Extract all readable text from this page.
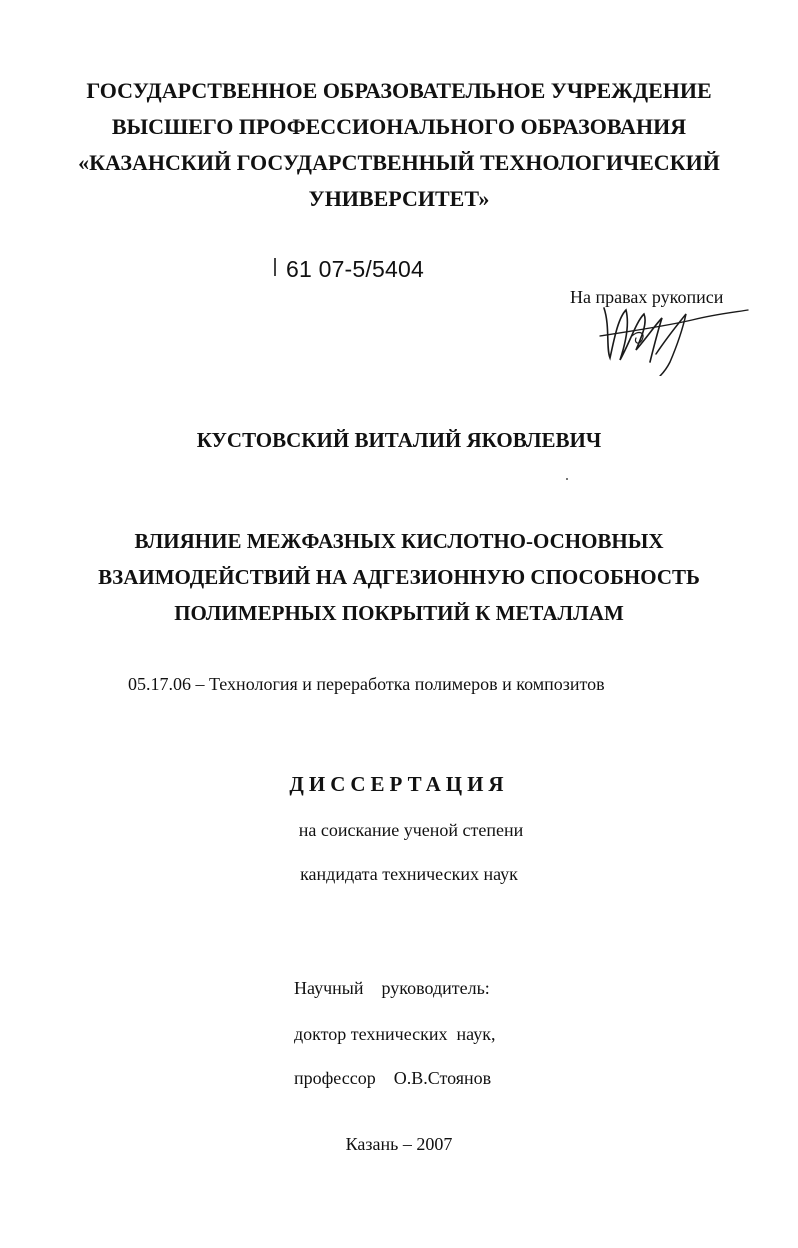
ГОСУДАРСТВЕННОЕ ОБРАЗОВАТЕЛЬНОЕ УЧРЕЖДЕНИЕ
ВЫСШЕГО ПРОФЕССИОНАЛЬНОГО ОБРАЗОВАНИЯ
«КАЗАНСКИЙ ГОСУДАРСТВЕННЫЙ ТЕХНОЛОГИЧЕСКИЙ
УНИВЕРСИТЕТ»
61 07-5/5404
На правах рукописи
КУСТОВСКИЙ ВИТАЛИЙ ЯКОВЛЕВИЧ
ВЛИЯНИЕ МЕЖФАЗНЫХ КИСЛОТНО-ОСНОВНЫХ
ВЗАИМОДЕЙСТВИЙ НА АДГЕЗИОННУЮ СПОСОБНОСТЬ
ПОЛИМЕРНЫХ ПОКРЫТИЙ К МЕТАЛЛАМ
05.17.06 – Технология и переработка полимеров и композитов
ДИССЕРТАЦИЯ
на соискание ученой степени
кандидата технических наук
Научный    руководитель:
доктор технических  наук,
профессор    О.В.Стоянов
Казань – 2007
